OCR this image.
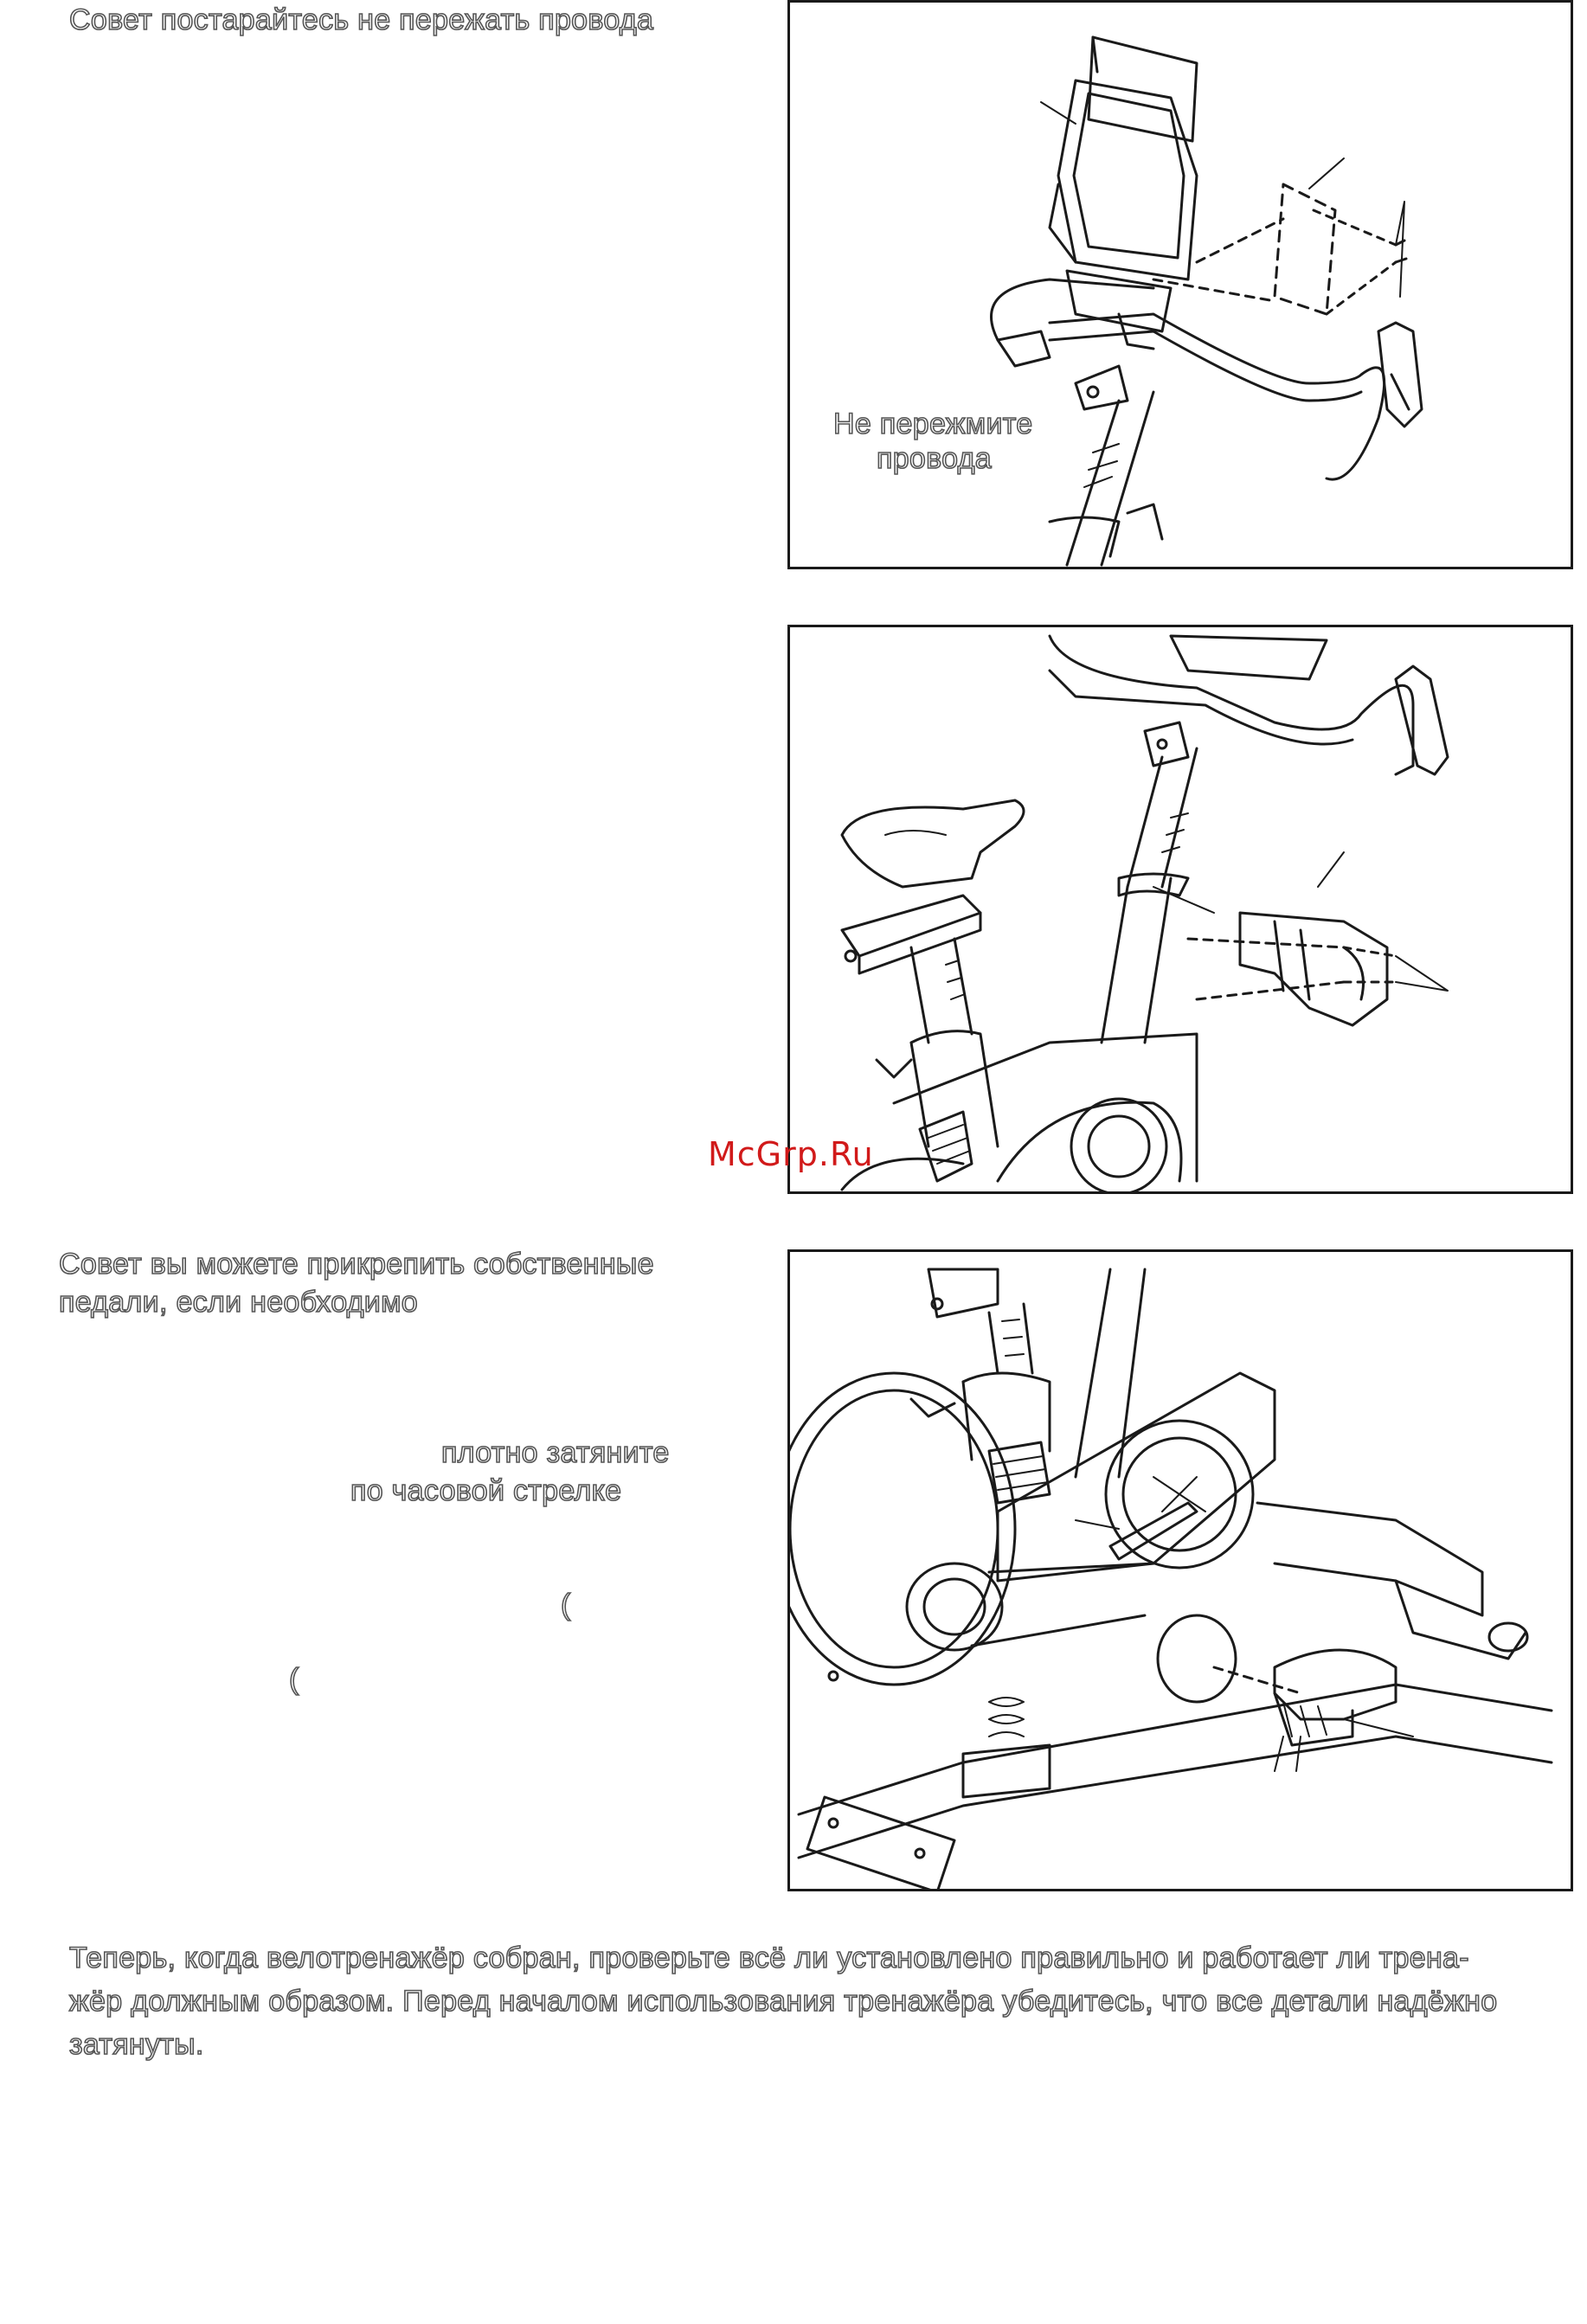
Совет постарайтесь не пережать провода
Не пережмите
провода
McGrp.Ru
Совет вы можете прикрепить собственные
педали, если необходимо
плотно затяните
по часовой стрелке
(
(
Теперь, когда велотренажёр собран, проверьте всё ли установлено правильно и работает ли трена-
жёр должным образом. Перед началом использования тренажёра убедитесь, что все детали надёжно
затянуты.
